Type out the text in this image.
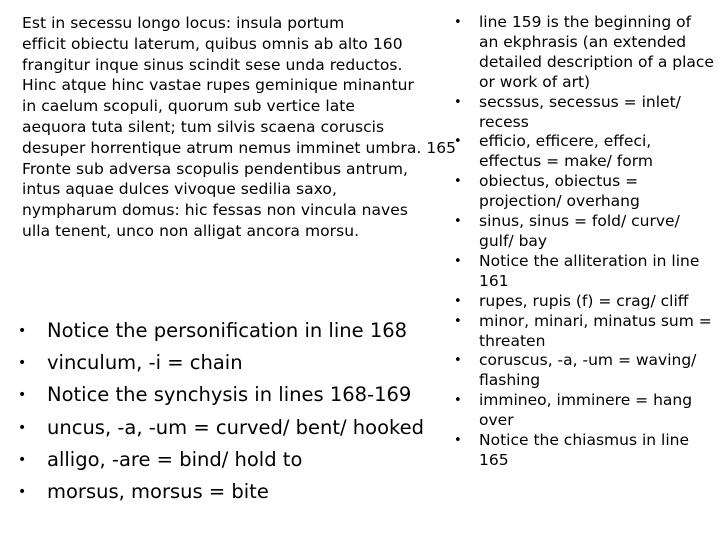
Est in secessu longo locus: insula portum
efficit obiectu laterum, quibus omnis ab alto 160
frangitur inque sinus scindit sese unda reductos.
Hinc atque hinc vastae rupes geminique minantur
in caelum scopuli, quorum sub vertice late
aequora tuta silent; tum silvis scaena coruscis
desuper horrentique atrum nemus imminet umbra. 165
Fronte sub adversa scopulis pendentibus antrum,
intus aquae dulces vivoque sedilia saxo,
nympharum domus: hic fessas non vincula naves
ulla tenent, unco non alligat ancora morsu.
• Notice the personification in line 168
• vinculum, -i = chain
• Notice the synchysis in lines 168-169
• uncus, -a, -um = curved/ bent/ hooked
• alligo, -are = bind/ hold to
• morsus, morsus = bite
• line 159 is the beginning of an ekphrasis (an extended detailed description of a place or work of art)
• secssus, secessus = inlet/ recess
• efficio, efficere, effeci, effectus = make/ form
• obiectus, obiectus = projection/ overhang
• sinus, sinus = fold/ curve/ gulf/ bay
• Notice the alliteration in line 161
• rupes, rupis (f) = crag/ cliff
• minor, minari, minatus sum = threaten
• coruscus, -a, -um = waving/ flashing
• immineo, imminere = hang over
• Notice the chiasmus in line 165
